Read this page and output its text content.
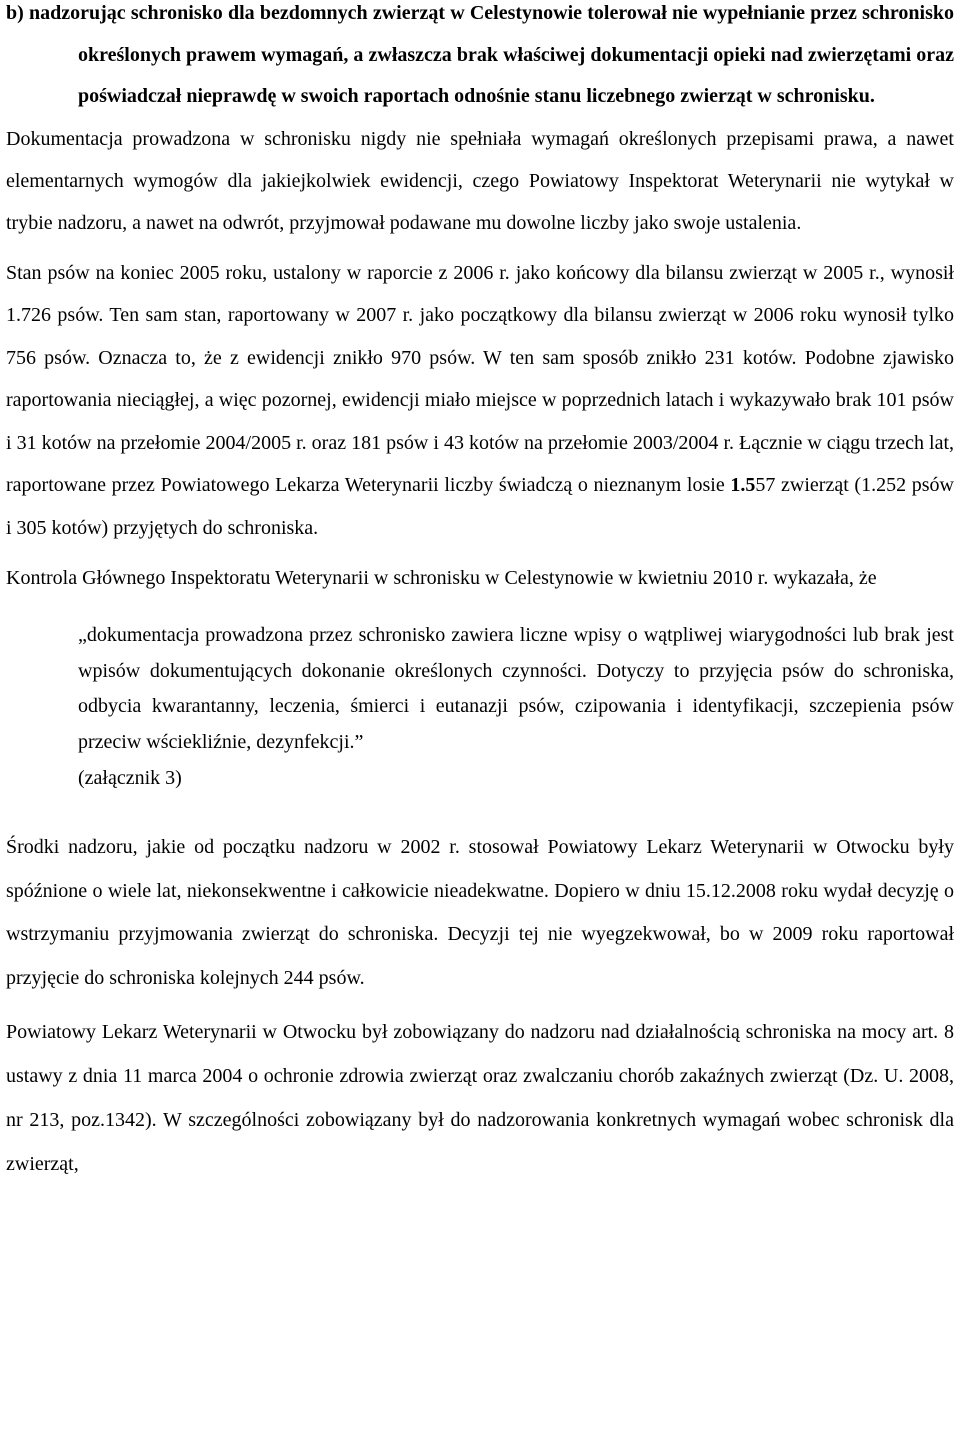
b) nadzorując schronisko dla bezdomnych zwierząt w Celestynowie tolerował nie wypełnianie przez schronisko określonych prawem wymagań, a zwłaszcza brak właściwej dokumentacji opieki nad zwierzętami oraz poświadczał nieprawdę w swoich raportach odnośnie stanu liczebnego zwierząt w schronisku.

Dokumentacja prowadzona w schronisku nigdy nie spełniała wymagań określonych przepisami prawa, a nawet elementarnych wymogów dla jakiejkolwiek ewidencji, czego Powiatowy Inspektorat Weterynarii nie wytykał w trybie nadzoru, a nawet na odwrót, przyjmował podawane mu dowolne liczby jako swoje ustalenia.

Stan psów na koniec 2005 roku, ustalony w raporcie z 2006 r. jako końcowy dla bilansu zwierząt w 2005 r., wynosił 1.726 psów. Ten sam stan, raportowany w 2007 r. jako początkowy dla bilansu zwierząt w 2006 roku wynosił tylko 756 psów. Oznacza to, że z ewidencji znikło 970 psów. W ten sam sposób znikło 231 kotów. Podobne zjawisko raportowania nieciągłej, a więc pozornej, ewidencji miało miejsce w poprzednich latach i wykazywało brak 101 psów i 31 kotów na przełomie 2004/2005 r. oraz 181 psów i 43 kotów na przełomie 2003/2004 r. Łącznie w ciągu trzech lat, raportowane przez Powiatowego Lekarza Weterynarii liczby świadczą o nieznanym losie 1.557 zwierząt (1.252 psów i 305 kotów) przyjętych do schroniska.

Kontrola Głównego Inspektoratu Weterynarii w schronisku w Celestynowie w kwietniu 2010 r. wykazała, że

„dokumentacja prowadzona przez schronisko zawiera liczne wpisy o wątpliwej wiarygodności lub brak jest wpisów dokumentujących dokonanie określonych czynności. Dotyczy to przyjęcia psów do schroniska, odbycia kwarantanny, leczenia, śmierci i eutanazji psów, czipowania i identyfikacji, szczepienia psów przeciw wściekliźnie, dezynfekcji.”

(załącznik 3)

Środki nadzoru, jakie od początku nadzoru w 2002 r. stosował Powiatowy Lekarz Weterynarii w Otwocku były spóźnione o wiele lat, niekonsekwentne i całkowicie nieadekwatne. Dopiero w dniu 15.12.2008 roku wydał decyzję o wstrzymaniu przyjmowania zwierząt do schroniska. Decyzji tej nie wyegzekwował, bo w 2009 roku raportował przyjęcie do schroniska kolejnych 244 psów.

Powiatowy Lekarz Weterynarii w Otwocku był zobowiązany do nadzoru nad działalnością schroniska na mocy art. 8 ustawy z dnia 11 marca 2004 o ochronie zdrowia zwierząt oraz zwalczaniu chorób zakaźnych zwierząt (Dz. U. 2008, nr 213, poz.1342). W szczególności zobowiązany był do nadzorowania konkretnych wymagań wobec schronisk dla zwierząt,
